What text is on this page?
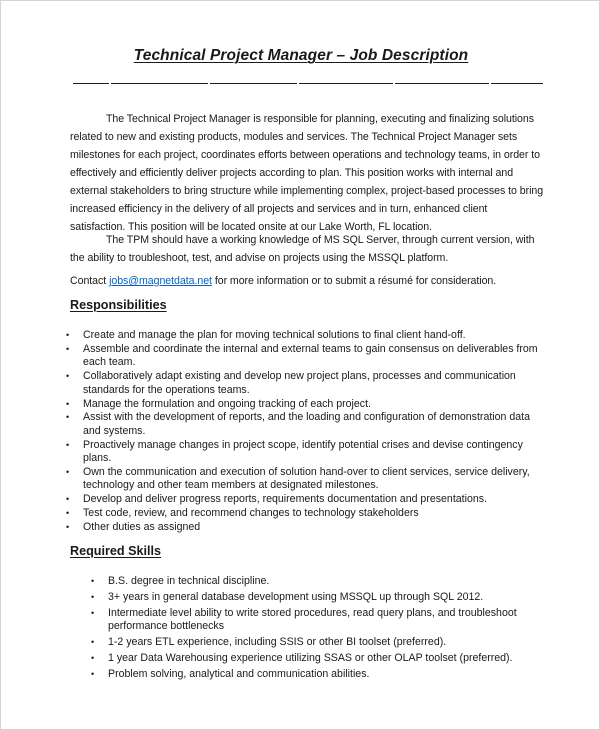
Technical Project Manager – Job Description

The Technical Project Manager is responsible for planning, executing and finalizing solutions related to new and existing products, modules and services. The Technical Project Manager sets milestones for each project, coordinates efforts between operations and technology teams, in order to effectively and efficiently deliver projects according to plan. This position works with internal and external stakeholders to bring structure while implementing complex, project-based processes to bring increased efficiency in the delivery of all projects and services and in turn, enhanced client satisfaction. This position will be located onsite at our Lake Worth, FL location.

The TPM should have a working knowledge of MS SQL Server, through current version, with the ability to troubleshoot, test, and advise on projects using the MSSQL platform.

Contact jobs@magnetdata.net for more information or to submit a résumé for consideration.

Responsibilities
• Create and manage the plan for moving technical solutions to final client hand-off.
• Assemble and coordinate the internal and external teams to gain consensus on deliverables from each team.
• Collaboratively adapt existing and develop new project plans, processes and communication standards for the operations teams.
• Manage the formulation and ongoing tracking of each project.
• Assist with the development of reports, and the loading and configuration of demonstration data and systems.
• Proactively manage changes in project scope, identify potential crises and devise contingency plans.
• Own the communication and execution of solution hand-over to client services, service delivery, technology and other team members at designated milestones.
• Develop and deliver progress reports, requirements documentation and presentations.
• Test code, review, and recommend changes to technology stakeholders
• Other duties as assigned
Required Skills
• B.S. degree in technical discipline.
• 3+ years in general database development using MSSQL up through SQL 2012.
• Intermediate level ability to write stored procedures, read query plans, and troubleshoot performance bottlenecks
• 1-2 years ETL experience, including SSIS or other BI toolset (preferred).
• 1 year Data Warehousing experience utilizing SSAS or other OLAP toolset (preferred).
• Problem solving, analytical and communication abilities.
